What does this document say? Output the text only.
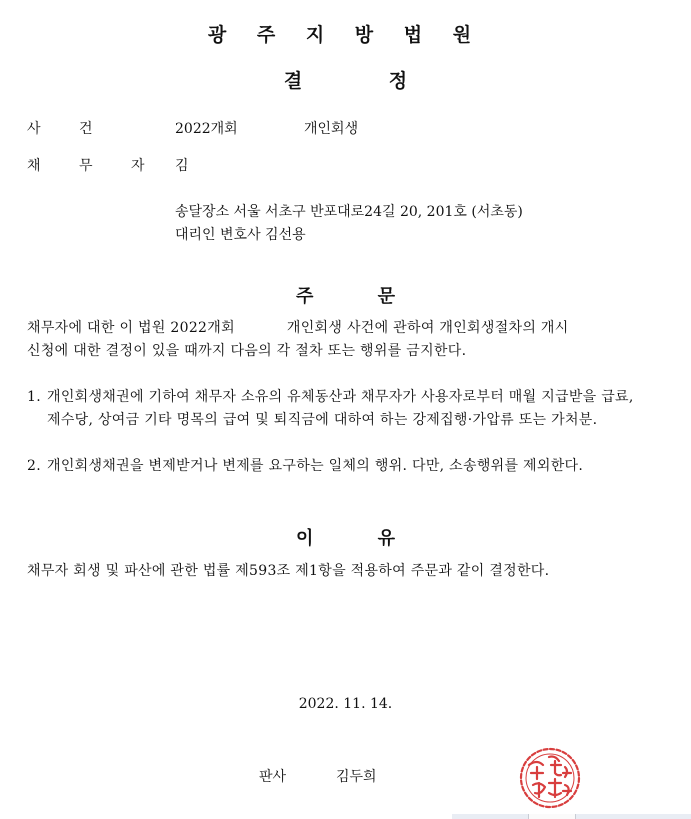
광 주 지 방 법 원
결 정
사 건	2022개회	개인회생
채 무 자 김
송달장소 서울 서초구 반포대로24길 20, 201호 (서초동)
대리인 변호사 김선용
주 문
채무자에 대한 이 법원 2022개회	개인회생 사건에 관하여 개인회생절차의 개시
신청에 대한 결정이 있을 때까지 다음의 각 절차 또는 행위를 금지한다.
1. 개인회생채권에 기하여 채무자 소유의 유체동산과 채무자가 사용자로부터 매월 지급받을 급료, 제수당, 상여금 기타 명목의 급여 및 퇴직금에 대하여 하는 강제집행·가압류 또는 가처분.
2. 개인회생채권을 변제받거나 변제를 요구하는 일체의 행위. 다만, 소송행위를 제외한다.
이 유
채무자 회생 및 파산에 관한 법률 제593조 제1항을 적용하여 주문과 같이 결정한다.
2022. 11. 14.
판사	김두희
